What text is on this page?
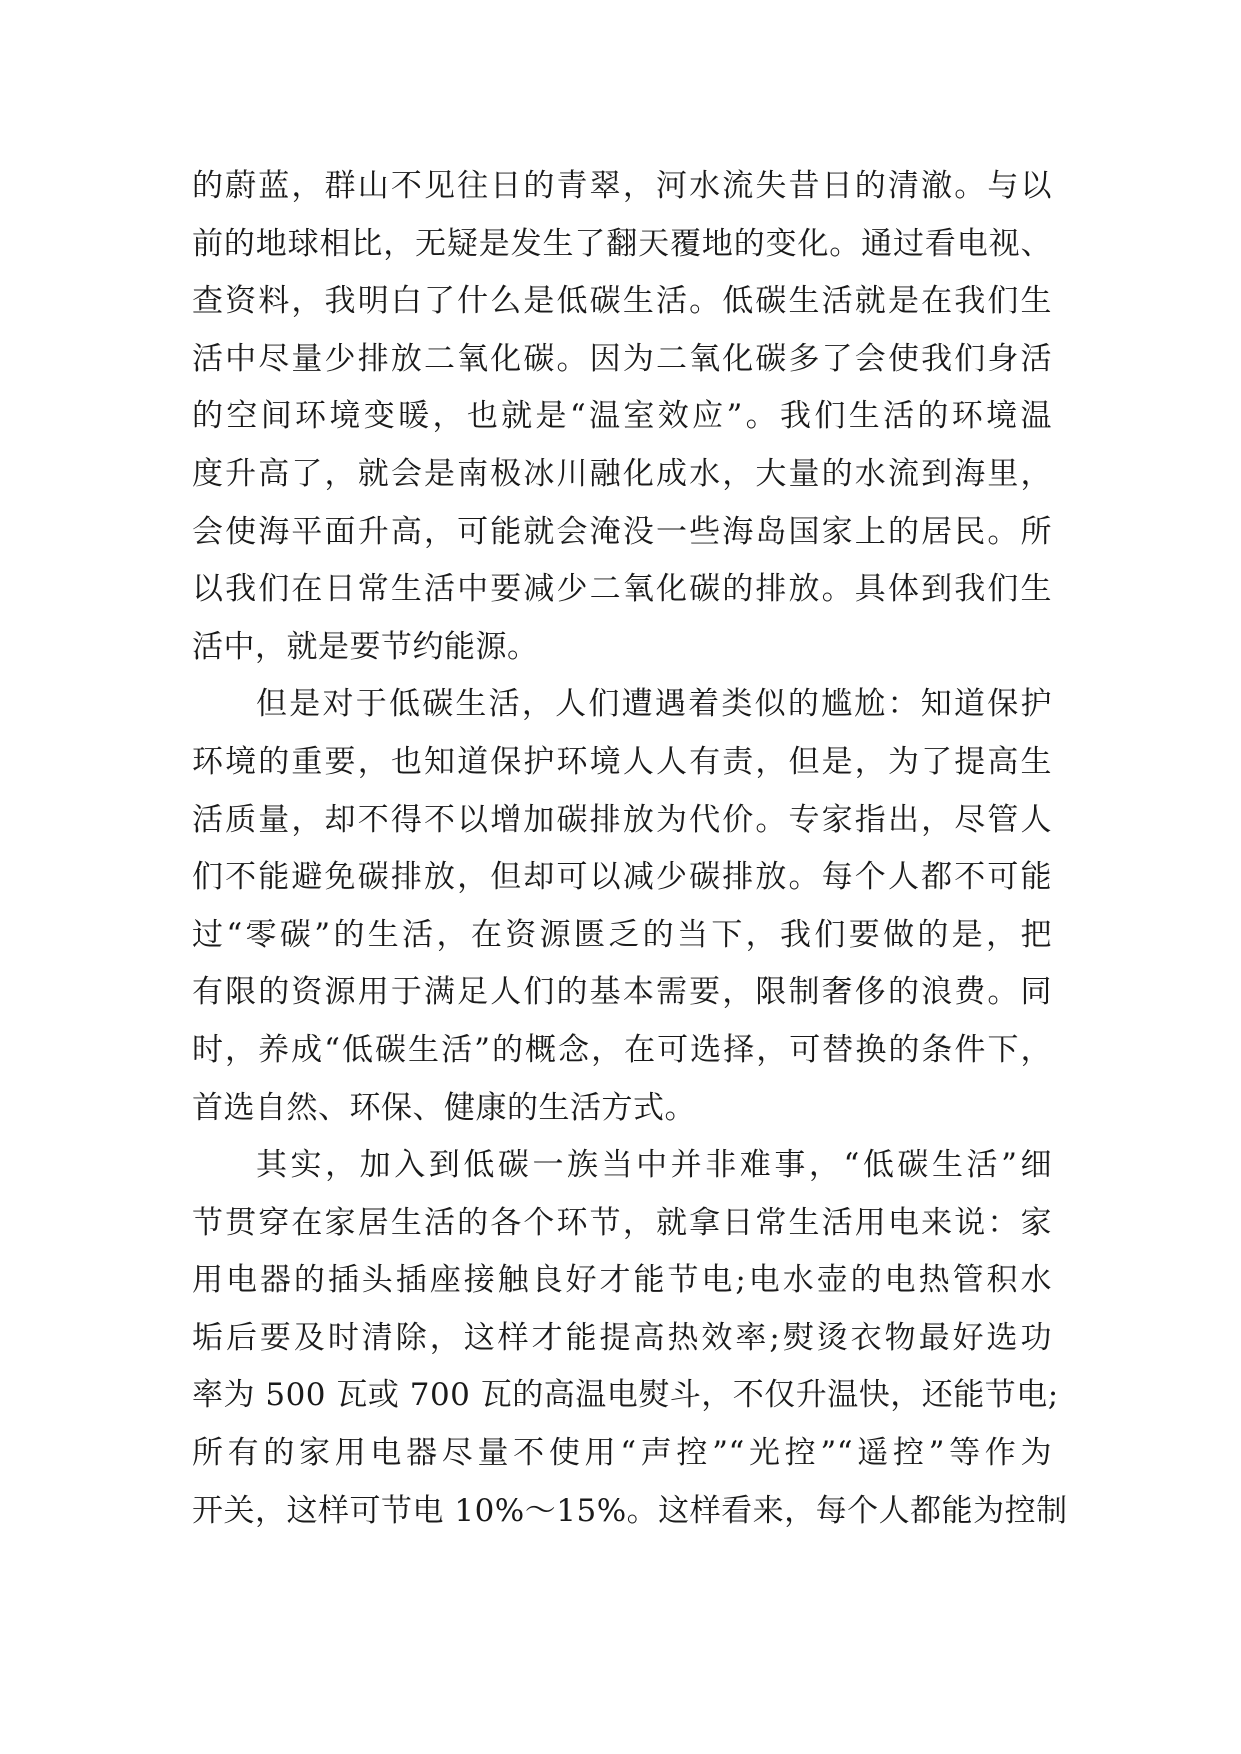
的蔚蓝，群山不见往日的青翠，河水流失昔日的清澈。与以
前的地球相比，无疑是发生了翻天覆地的变化。通过看电视、
查资料，我明白了什么是低碳生活。低碳生活就是在我们生
活中尽量少排放二氧化碳。因为二氧化碳多了会使我们身活
的空间环境变暖，也就是“温室效应”。我们生活的环境温
度升高了，就会是南极冰川融化成水，大量的水流到海里，
会使海平面升高，可能就会淹没一些海岛国家上的居民。所
以我们在日常生活中要减少二氧化碳的排放。具体到我们生
活中，就是要节约能源。
但是对于低碳生活，人们遭遇着类似的尴尬：知道保护
环境的重要，也知道保护环境人人有责，但是，为了提高生
活质量，却不得不以增加碳排放为代价。专家指出，尽管人
们不能避免碳排放，但却可以减少碳排放。每个人都不可能
过“零碳”的生活，在资源匮乏的当下，我们要做的是，把
有限的资源用于满足人们的基本需要，限制奢侈的浪费。同
时，养成“低碳生活”的概念，在可选择，可替换的条件下，
首选自然、环保、健康的生活方式。
其实，加入到低碳一族当中并非难事，“低碳生活”细
节贯穿在家居生活的各个环节，就拿日常生活用电来说：家
用电器的插头插座接触良好才能节电;电水壶的电热管积水
垢后要及时清除，这样才能提高热效率;熨烫衣物最好选功
率为 500 瓦或 700 瓦的高温电熨斗，不仅升温快，还能节电;
所有的家用电器尽量不使用“声控”“光控”“遥控”等作为
开关，这样可节电 10%～15%。这样看来，每个人都能为控制
